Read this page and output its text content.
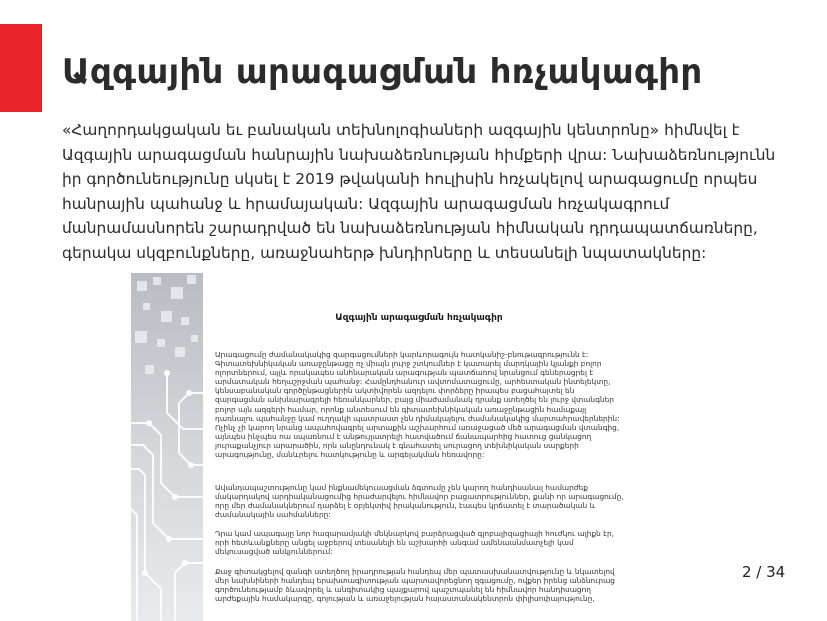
Ազգային արագացման հռչակագիր

«Հաղորդակցական եւ բանական տեխնոլոգիաների ազգային կենտրոնը» հիմնվել է Ազգային արագացման հանրային նախաձեռնության հիմքերի վրա: Նախաձեռնությունն իր գործունեությունը սկսել է 2019 թվականի հուլիսին հռչակելով արագացումը որպես հանրային պահանջ և հրամայական: Ազգային արագացման հռչակագրում մանրամասնորեն շարադրված են նախաձեռնության հիմնական դրդապատճառները, գերակա սկզբունքները, առաջնահերթ խնդիրները և տեսանելի նպատակները:

Ազգային արագացման հռչակագիր

Արագացումը ժամանակակից զարգացումների կարևորագույն հատկանիշ-բնութագրությունն է: Գիտատեխնիկական առաջընթացը ոչ միայն լուրջ շտկումներ է կատարել մարդկային կյանքի բոլոր ոլորտներում, այլև որակապես անհնարական արագության պատճառով նրանցում գեներացրել է արմատական հեղաշրջման պահանջ: Համընդհանուր ավտոմատացումը, արհեստական ինտելեկտը, կենսաբանական գործընթացներին ակտիվորեն ազդելու փորձերը իրապես բացահայտել են զարգացման անխնարագրելի հեռանկարներ, բայց միաժամանակ դրանք ստեղծել են լուրջ վտանգներ բոլոր այն ազգերի համար, որոնք անտեսում են գիտատեխնիկական առաջընթացին համաքայլ դառնալու պահանջը կամ ուղղակի պատրաստ չեն դիմակայելու ժամանակակից մարտահրավերներին: Ոչինչ չի կարող նրանց ապահովագրել արտաքին աշխարհում առաջացած մեծ արագացման վտանգից, այնպես ինչպես ոա սպառնում է անթույլատրելի հատվածում ճանապարհից հատուց ցանկացող յուրաքանչյուր արարածին, որն անընդունակ է գնահատել սուրացող տեխնիկական սարքերի արագությունը, մանևրելու հատկությունը և արգելակման հեռավորը:

Ավանդապաշտությունը կամ ինքնամեկուսացման ձգտումը չեն կարող հանդիսանալ համարժեք մակարդակով արդիականացումից հրաժարվելու հիմնավոր բացատրություններ, քանի որ արագացումը, որը մեր ժամանակներում դարձել է օբյեկտիվ իրականություն, էապես կրճատել է տարածական և ժամանակային սահմանները:

Դրա կամ ապագայը նոր հազարամյակի մեկնարկով բարձրացված գլոբալիզացիայի հուժկու ալիքն էր, որի հետևանքները անցել աջբերով տեսանելի են աշխարհի անգամ ամենաանմատչելի կամ մեկուսացված անկյուններում:

Քաջ գիտակցելով զանգի ստեղծող իրադրության հանդեպ մեր պատասխանատվությունը և նկատելով մեր նախնիների հանդեպ երախտագիտության պարտավորեցնող զգացումը, ովքեր իրենց անձնուրաց գործունեությամբ ձևավորել և անգիտակից պայքարով պաշտպանել են հիմնավոր հանդիսացող արժեքային համակարգը, գոյության և առաջելության հայաստանակենտրոն փիլիսոփայությունը,

2 / 34
